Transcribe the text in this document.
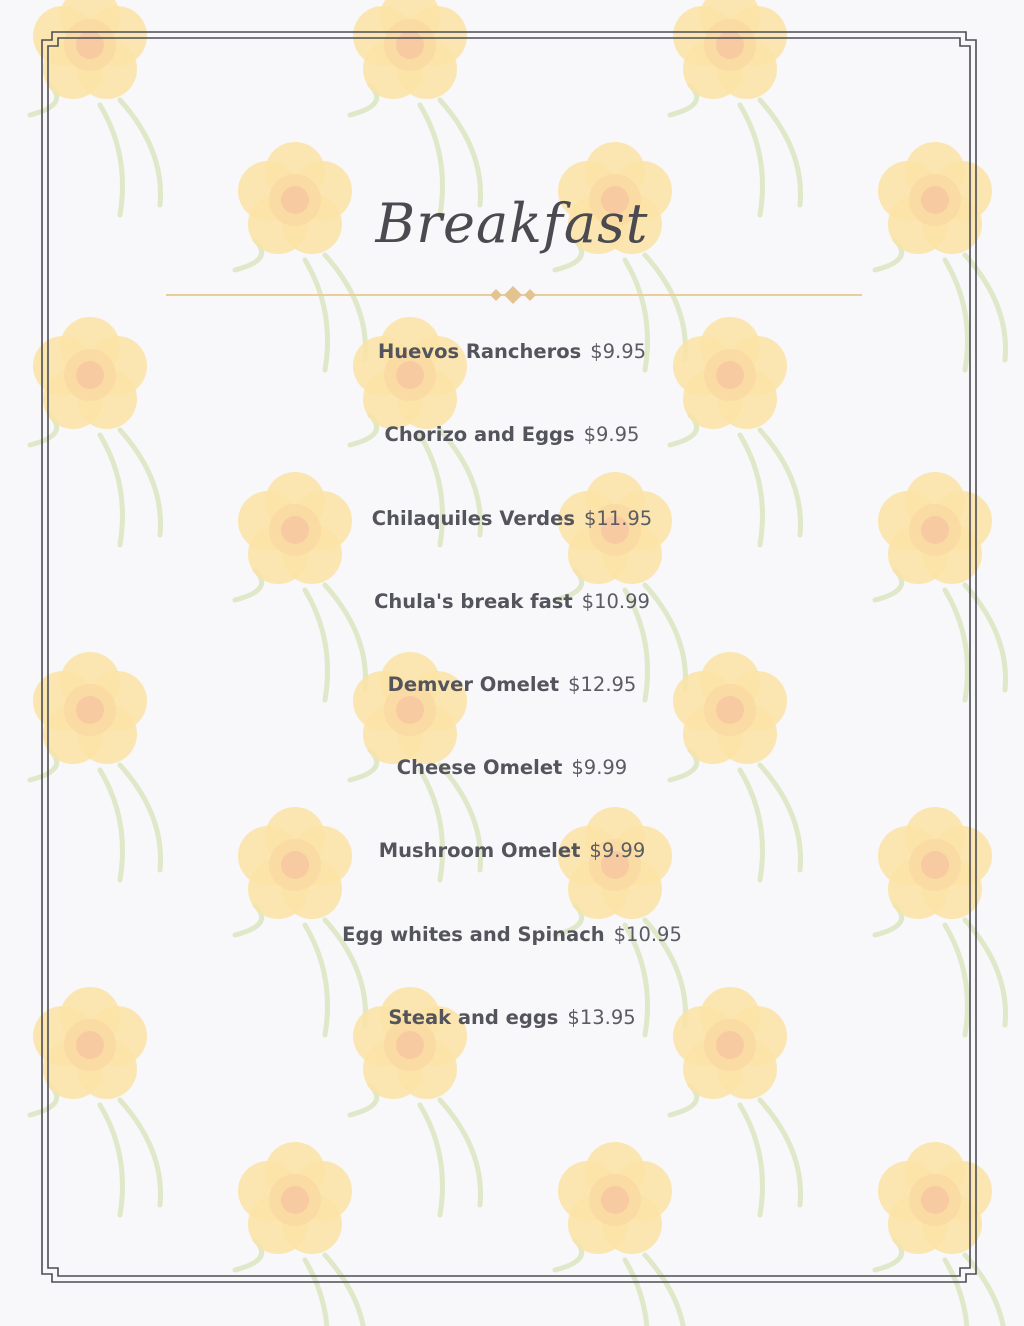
Breakfast
Huevos Rancheros $9.95
Chorizo and Eggs $9.95
Chilaquiles Verdes $11.95
Chula's break fast $10.99
Demver Omelet $12.95
Cheese Omelet $9.99
Mushroom Omelet $9.99
Egg whites and Spinach $10.95
Steak and eggs $13.95
